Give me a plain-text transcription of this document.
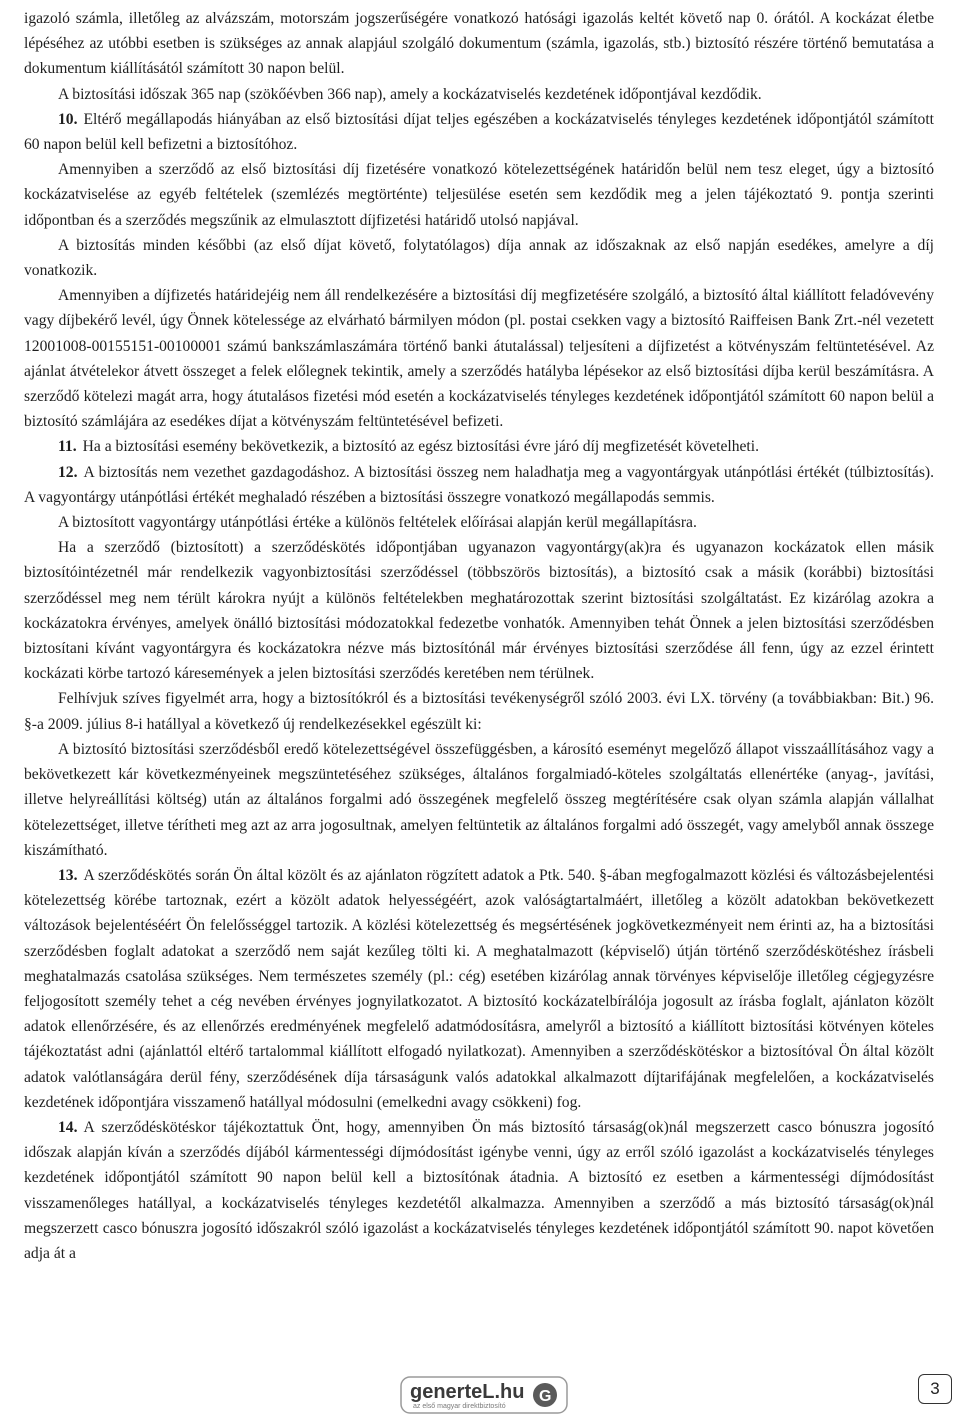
igazoló számla, illetőleg az alvázszám, motorszám jogszerűségére vonatkozó hatósági igazolás keltét követő nap 0. órától. A kockázat életbe lépéséhez az utóbbi esetben is szükséges az annak alapjául szolgáló dokumentum (számla, igazolás, stb.) biztosító részére történő bemutatása a dokumentum kiállításától számított 30 napon belül.

A biztosítási időszak 365 nap (szökőévben 366 nap), amely a kockázatviselés kezdetének időpontjával kezdődik.

10. Eltérő megállapodás hiányában az első biztosítási díjat teljes egészében a kockázatviselés tényleges kezdetének időpontjától számított 60 napon belül kell befizetni a biztosítóhoz.

Amennyiben a szerződő az első biztosítási díj fizetésére vonatkozó kötelezettségének határidőn belül nem tesz eleget, úgy a biztosító kockázatviselése az egyéb feltételek (szemlézés megtörténte) teljesülése esetén sem kezdődik meg a jelen tájékoztató 9. pontja szerinti időpontban és a szerződés megszűnik az elmulasztott díjfizetési határidő utolsó napjával.

A biztosítás minden későbbi (az első díjat követő, folytatólagos) díja annak az időszaknak az első napján esedékes, amelyre a díj vonatkozik.

Amennyiben a díjfizetés határidejéig nem áll rendelkezésére a biztosítási díj megfizetésére szolgáló, a biztosító által kiállított feladóvevény vagy díjbekérő levél, úgy Önnek kötelessége az elvárható bármilyen módon (pl. postai csekken vagy a biztosító Raiffeisen Bank Zrt.-nél vezetett 12001008-00155151-00100001 számú bankszámlaszámára történő banki átutalással) teljesíteni a díjfizetést a kötvényszám feltüntetésével. Az ajánlat átvételekor átvett összeget a felek előlegnek tekintik, amely a szerződés hatályba lépésekor az első biztosítási díjba kerül beszámításra. A szerződő kötelezi magát arra, hogy átutalásos fizetési mód esetén a kockázatviselés tényleges kezdetének időpontjától számított 60 napon belül a biztosító számlájára az esedékes díjat a kötvényszám feltüntetésével befizeti.

11. Ha a biztosítási esemény bekövetkezik, a biztosító az egész biztosítási évre járó díj megfizetését követelheti.

12. A biztosítás nem vezethet gazdagodáshoz. A biztosítási összeg nem haladhatja meg a vagyontárgyak utánpótlási értékét (túlbiztosítás). A vagyontárgy utánpótlási értékét meghaladó részében a biztosítási összegre vonatkozó megállapodás semmis.

A biztosított vagyontárgy utánpótlási értéke a különös feltételek előírásai alapján kerül megállapításra.

Ha a szerződő (biztosított) a szerződéskötés időpontjában ugyanazon vagyontárgy(ak)ra és ugyanazon kockázatok ellen másik biztosítóintézetnél már rendelkezik vagyonbiztosítási szerződéssel (többszörös biztosítás), a biztosító csak a másik (korábbi) biztosítási szerződéssel meg nem térült károkra nyújt a különös feltételekben meghatározottak szerint biztosítási szolgáltatást. Ez kizárólag azokra a kockázatokra érvényes, amelyek önálló biztosítási módozatokkal fedezetbe vonhatók. Amennyiben tehát Önnek a jelen biztosítási szerződésben biztosítani kívánt vagyontárgyra és kockázatokra nézve más biztosítónál már érvényes biztosítási szerződése áll fenn, úgy az ezzel érintett kockázati körbe tartozó káresemények a jelen biztosítási szerződés keretében nem térülnek.

Felhívjuk szíves figyelmét arra, hogy a biztosítókról és a biztosítási tevékenységről szóló 2003. évi LX. törvény (a továbbiakban: Bit.) 96. §-a 2009. július 8-i hatállyal a következő új rendelkezésekkel egészült ki:

A biztosító biztosítási szerződésből eredő kötelezettségével összefüggésben, a károsító eseményt megelőző állapot visszaállításához vagy a bekövetkezett kár következményeinek megszüntetéséhez szükséges, általános forgalmiadó-köteles szolgáltatás ellenértéke (anyag-, javítási, illetve helyreállítási költség) után az általános forgalmi adó összegének megfelelő összeg megtérítésére csak olyan számla alapján vállalhat kötelezettséget, illetve térítheti meg azt az arra jogosultnak, amelyen feltüntetik az általános forgalmi adó összegét, vagy amelyből annak összege kiszámítható.

13. A szerződéskötés során Ön által közölt és az ajánlaton rögzített adatok a Ptk. 540. §-ában megfogalmazott közlési és változásbejelentési kötelezettség körébe tartoznak, ezért a közölt adatok helyességéért, azok valóságtartalmáért, illetőleg a közölt adatokban bekövetkezett változások bejelentéséért Ön felelősséggel tartozik. A közlési kötelezettség és megsértésének jogkövetkezményeit nem érinti az, ha a biztosítási szerződésben foglalt adatokat a szerződő nem saját kezűleg tölti ki. A meghatalmazott (képviselő) útján történő szerződéskötéshez írásbeli meghatalmazás csatolása szükséges. Nem természetes személy (pl.: cég) esetében kizárólag annak törvényes képviselője illetőleg cégjegyzésre feljogosított személy tehet a cég nevében érvényes jognyilatkozatot. A biztosító kockázatelbírálója jogosult az írásba foglalt, ajánlaton közölt adatok ellenőrzésére, és az ellenőrzés eredményének megfelelő adatmódosításra, amelyről a biztosító a kiállított biztosítási kötvényen köteles tájékoztatást adni (ajánlattól eltérő tartalommal kiállított elfogadó nyilatkozat). Amennyiben a szerződéskötéskor a biztosítóval Ön által közölt adatok valótlanságára derül fény, szerződésének díja társaságunk valós adatokkal alkalmazott díjtarifájának megfelelően, a kockázatviselés kezdetének időpontjára visszamenő hatállyal módosulni (emelkedni avagy csökkeni) fog.

14. A szerződéskötéskor tájékoztattuk Önt, hogy, amennyiben Ön más biztosító társaság(ok)nál megszerzett casco bónuszra jogosító időszak alapján kíván a szerződés díjából kármentességi díjmódosítást igénybe venni, úgy az erről szóló igazolást a kockázatviselés tényleges kezdetének időpontjától számított 90 napon belül kell a biztosítónak átadnia. A biztosító ez esetben a kármentességi díjmódosítást visszamenőleges hatállyal, a kockázatviselés tényleges kezdetétől alkalmazza. Amennyiben a szerződő a más biztosító társaság(ok)nál megszerzett casco bónuszra jogosító időszakról szóló igazolást a kockázatviselés tényleges kezdetének időpontjától számított 90. napot követően adja át a

generteL.hu
az első magyar direktbiztosító
G	3
